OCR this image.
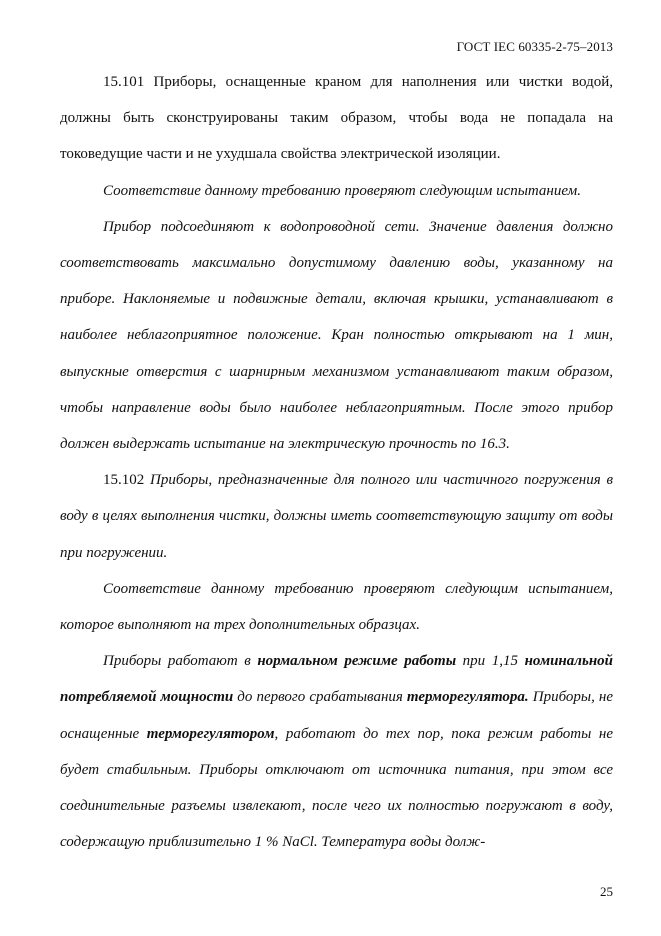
ГОСТ IEC 60335-2-75–2013

15.101 Приборы, оснащенные краном для наполнения или чистки водой, должны быть сконструированы таким образом, чтобы вода не попадала на токоведущие части и не ухудшала свойства электрической изоляции.

Соответствие данному требованию проверяют следующим испытанием.

Прибор подсоединяют к водопроводной сети. Значение давления должно соответствовать максимально допустимому давлению воды, указанному на приборе. Наклоняемые и подвижные детали, включая крышки, устанавливают в наиболее неблагоприятное положение. Кран полностью открывают на 1 мин, выпускные отверстия с шарнирным механизмом устанавливают таким образом, чтобы направление воды было наиболее неблагоприятным. После этого прибор должен выдержать испытание на электрическую прочность по 16.3.

15.102 Приборы, предназначенные для полного или частичного погружения в воду в целях выполнения чистки, должны иметь соответствующую защиту от воды при погружении.

Соответствие данному требованию проверяют следующим испытанием, которое выполняют на трех дополнительных образцах.

Приборы работают в нормальном режиме работы при 1,15 номинальной потребляемой мощности до первого срабатывания терморегулятора. Приборы, не оснащенные терморегулятором, работают до тех пор, пока режим работы не будет стабильным. Приборы отключают от источника питания, при этом все соединительные разъемы извлекают, после чего их полностью погружают в воду, содержащую приблизительно 1 % NaCl. Температура воды долж-

25
